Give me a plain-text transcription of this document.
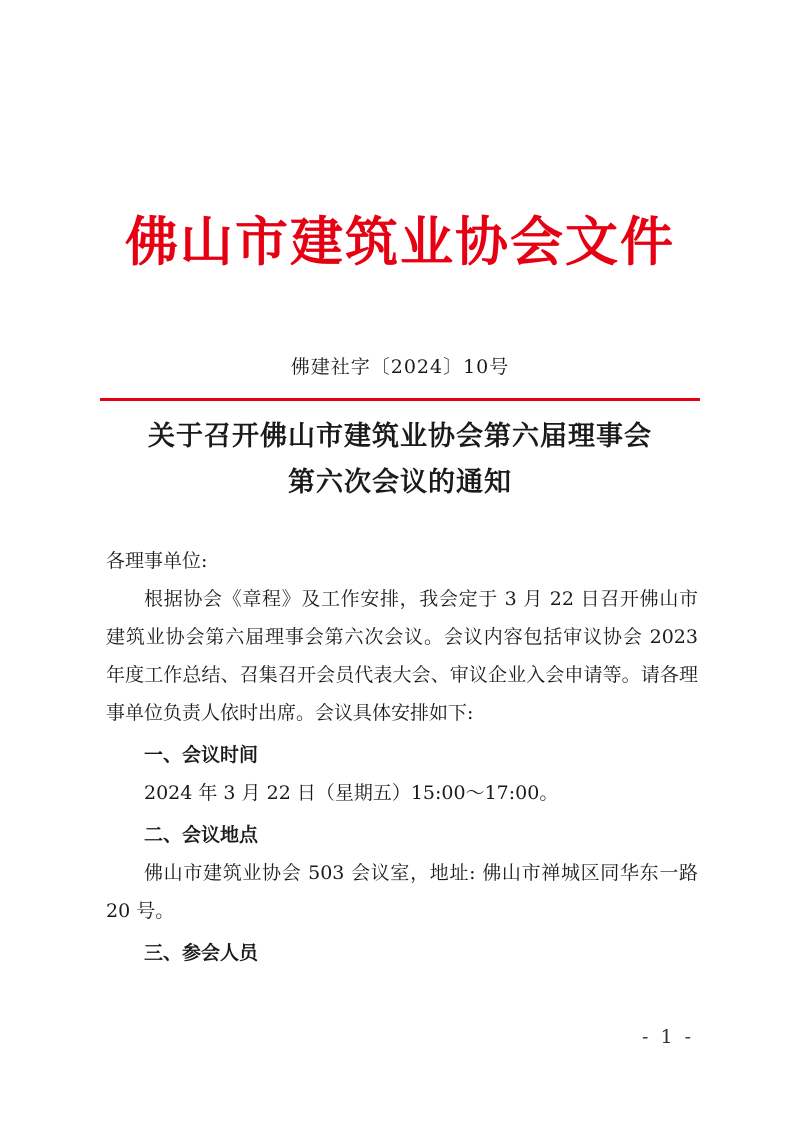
佛山市建筑业协会文件
佛建社字〔2024〕10号
关于召开佛山市建筑业协会第六届理事会
第六次会议的通知

各理事单位:

根据协会《章程》及工作安排，我会定于 3 月 22 日召开佛山市建筑业协会第六届理事会第六次会议。会议内容包括审议协会 2023 年度工作总结、召集召开会员代表大会、审议企业入会申请等。请各理事单位负责人依时出席。会议具体安排如下:

一、会议时间

2024 年 3 月 22 日（星期五）15:00～17:00。

二、会议地点

佛山市建筑业协会 503 会议室，地址: 佛山市禅城区同华东一路 20 号。

三、参会人员

- 1 -
